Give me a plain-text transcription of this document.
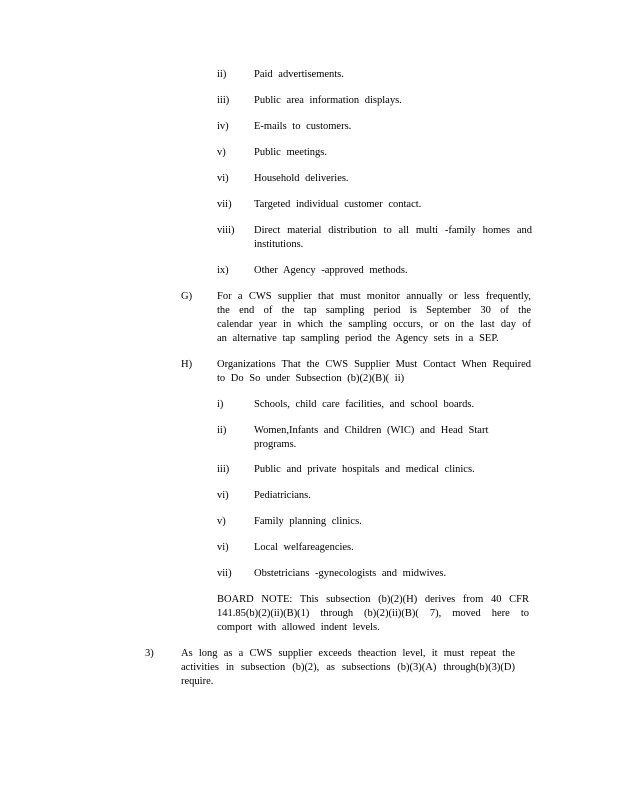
ii)	Paid advertisements.
iii) Public area information displays.
iv) E-mails to customers.
v)	Public meetings.
vi) Household deliveries.
vii) Targeted individual customer contact.
viii) Direct material distribution to all multi -family homes and institutions.
ix) Other Agency -approved methods.
G) For a CWS supplier that must monitor annually or less frequently, the end of the tap sampling period is September 30 of the calendar year in which the sampling occurs, or on the last day of an alternative tap sampling period the Agency sets in a SEP.
H) Organizations That the CWS Supplier Must Contact When Required to Do So under Subsection (b)(2)(B)( ii)
i)	Schools, child care facilities, and school boards.
ii)	Women,Infants and Children (WIC) and Head Start programs.
iii) Public and private hospitals and medical clinics.
vi) Pediatricians.
v)	Family planning clinics.
vi) Local welfareagencies.
vii) Obstetricians -gynecologists and midwives.
BOARD NOTE: This subsection (b)(2)(H) derives from 40 CFR 141.85(b)(2)(ii)(B)(1) through (b)(2)(ii)(B)( 7), moved here to comport with allowed indent levels.
3)	As long as a CWS supplier exceeds theaction level, it must repeat the activities in subsection (b)(2), as subsections (b)(3)(A) through(b)(3)(D) require.
